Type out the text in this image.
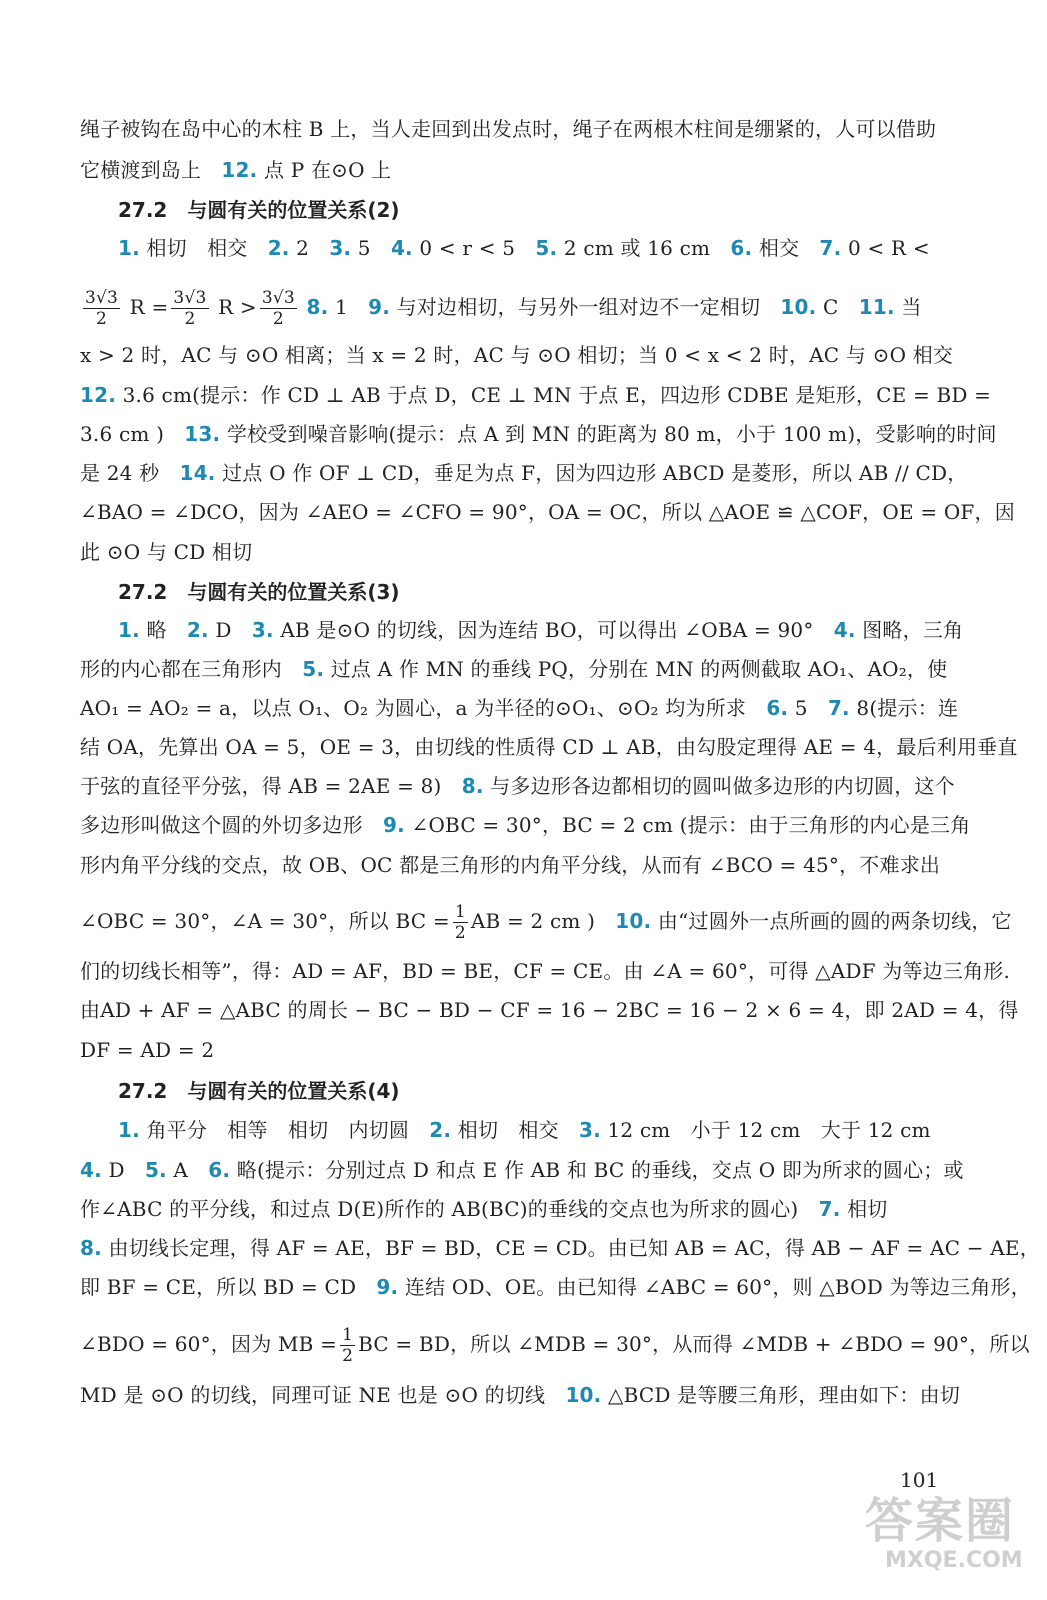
绳子被钩在岛中心的木柱 B 上，当人走回到出发点时，绳子在两根木柱间是绷紧的，人可以借助
它横渡到岛上　 12. 点 P 在⊙O 上
27.2　与圆有关的位置关系(2)
1. 相切　相交　 2. 2　 3. 5　 4. 0 < r < 5　 5. 2 cm 或 16 cm　 6. 相交　 7. 0 < R <
$\frac{3√3}{2}$ $R = \frac{3√3}{2}$ $R > \frac{3√3}{2} 8$. 1　 9. 与对边相切，与另外一组对边不一定相切　 10. C　 11. 当
x > 2 时，AC 与 ⊙O 相离；当 x = 2 时，AC 与 ⊙O 相切；当 0 < x < 2 时，AC 与 ⊙O 相交
12. 3.6 cm(提示：作 CD ⊥ AB 于点 D，CE ⊥ MN 于点 E，四边形 CDBE 是矩形，CE = BD =
3.6 cm )　 13. 学校受到噪音影响(提示：点 A 到 MN 的距离为 80 m，小于 100 m)，受影响的时间
是 24 秒　 14. 过点 O 作 OF ⊥ CD，垂足为点 F，因为四边形 ABCD 是菱形，所以 AB // CD，
∠BAO = ∠DCO，因为 ∠AEO = ∠CFO = 90°，OA = OC，所以 △AOE ≌ △COF，OE = OF，因
此 ⊙O 与 CD 相切
27.2　与圆有关的位置关系(3)
1. 略　 2. D　 3. AB 是⊙O 的切线，因为连结 BO，可以得出 ∠OBA = 90°　 4. 图略，三角
形的内心都在三角形内　 5. 过点 A 作 MN 的垂线 PQ，分别在 MN 的两侧截取 AO₁、AO₂，使
AO₁ = AO₂ = a，以点 O₁、O₂ 为圆心，a 为半径的⊙O₁、⊙O₂ 均为所求　 6. 5　 7. 8(提示：连
结 OA，先算出 OA = 5，OE = 3，由切线的性质得 CD ⊥ AB，由勾股定理得 AE = 4，最后利用垂直
于弦的直径平分弦，得 AB = 2AE = 8)　 8. 与多边形各边都相切的圆叫做多边形的内切圆，这个
多边形叫做这个圆的外切多边形　 9. ∠OBC = 30°，BC = 2 cm (提示：由于三角形的内心是三角
形内角平分线的交点，故 OB、OC 都是三角形的内角平分线，从而有 ∠BCO = 45°，不难求出
∠OBC = 30°，∠A = 30°，所以 BC = $\frac{1}{2}$ AB = 2 cm )　 10. 由“过圆外一点所画的圆的两条切线，它
们的切线长相等”，得：AD = AF，BD = BE，CF = CE。由 ∠A = 60°，可得 △ADF 为等边三角形.
由AD + AF = △ABC 的周长 − BC − BD − CF = 16 − 2BC = 16 − 2 × 6 = 4，即 2AD = 4，得
DF = AD = 2
27.2　与圆有关的位置关系(4)
1. 角平分　相等　相切　内切圆　 2. 相切　相交　 3. 12 cm　小于 12 cm　大于 12 cm
4. D　 5. A　 6. 略(提示：分别过点 D 和点 E 作 AB 和 BC 的垂线，交点 O 即为所求的圆心；或
作∠ABC 的平分线，和过点 D(E)所作的 AB(BC)的垂线的交点也为所求的圆心)　 7. 相切
8. 由切线长定理，得 AF = AE，BF = BD，CE = CD。由已知 AB = AC，得 AB − AF = AC − AE，
即 BF = CE，所以 BD = CD　 9. 连结 OD、OE。由已知得 ∠ABC = 60°，则 △BOD 为等边三角形，
∠BDO = 60°，因为 MB = $\frac{1}{2}$ BC = BD，所以 ∠MDB = 30°，从而得 ∠MDB + ∠BDO = 90°，所以
MD 是 ⊙O 的切线，同理可证 NE 也是 ⊙O 的切线　 10. △BCD 是等腰三角形，理由如下：由切
101
答案圈
MXQE.COM
